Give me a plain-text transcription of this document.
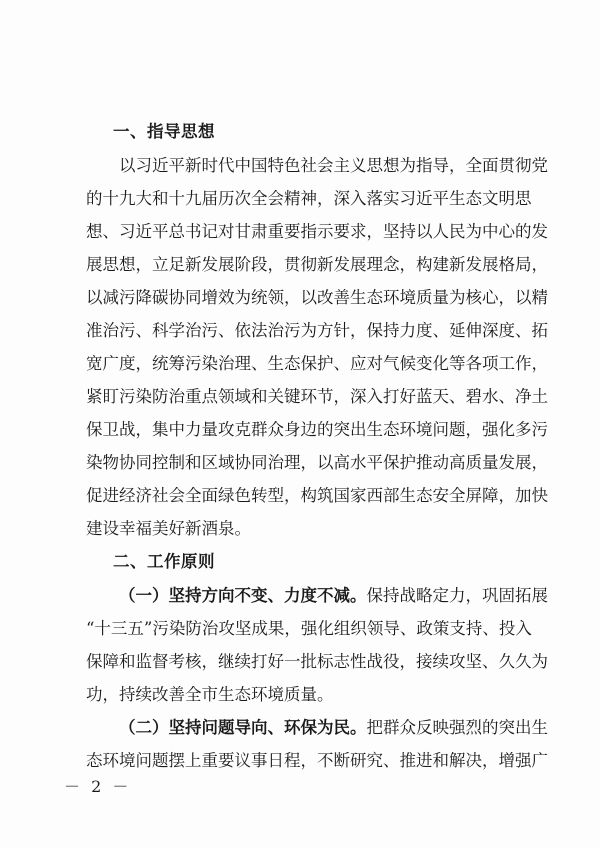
一、指导思想
以习近平新时代中国特色社会主义思想为指导，全面贯彻党
的十九大和十九届历次全会精神，深入落实习近平生态文明思
想、习近平总书记对甘肃重要指示要求，坚持以人民为中心的发
展思想，立足新发展阶段，贯彻新发展理念，构建新发展格局，
以减污降碳协同增效为统领，以改善生态环境质量为核心，以精
准治污、科学治污、依法治污为方针，保持力度、延伸深度、拓
宽广度，统筹污染治理、生态保护、应对气候变化等各项工作，
紧盯污染防治重点领域和关键环节，深入打好蓝天、碧水、净土
保卫战，集中力量攻克群众身边的突出生态环境问题，强化多污
染物协同控制和区域协同治理，以高水平保护推动高质量发展，
促进经济社会全面绿色转型，构筑国家西部生态安全屏障，加快
建设幸福美好新酒泉。
二、工作原则
（一）坚持方向不变、力度不减。保持战略定力，巩固拓展
“十三五”污染防治攻坚成果，强化组织领导、政策支持、投入
保障和监督考核，继续打好一批标志性战役，接续攻坚、久久为
功，持续改善全市生态环境质量。
（二）坚持问题导向、环保为民。把群众反映强烈的突出生
态环境问题摆上重要议事日程，不断研究、推进和解决，增强广
－ 2 －
